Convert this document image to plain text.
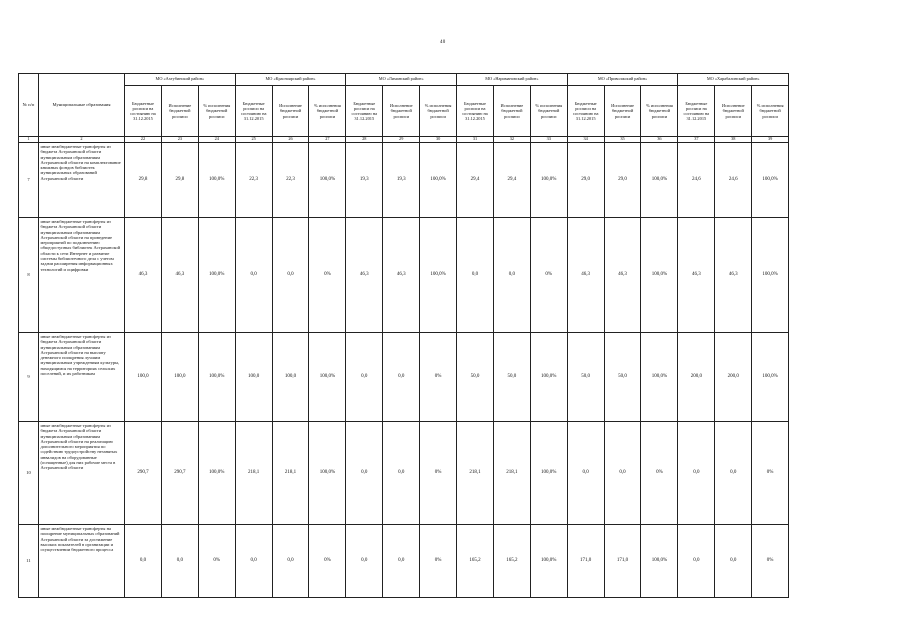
40
№ п/п	Муниципальные образования	МО «Ахтубинский район»			МО «Красноярский район»			МО «Лиманский район»			МО «Наримановский район»			МО «Приволжский район»			МО «Харабалинский район»		
		Бюджетные росписи на состоянию на 31.12.2015	Исполнение бюджетной росписи	% исполнения бюджетной росписи	Бюджетные росписи на состоянию на 31.12.2015	Исполнение бюджетной росписи	% исполнения бюджетной росписи	Бюджетные росписи на состоянию на 31.12.2015	Исполнение бюджетной росписи	% исполнения бюджетной росписи	Бюджетные росписи на состоянию на 31.12.2015	Исполнение бюджетной росписи	% исполнения бюджетной росписи	Бюджетные росписи на состоянию на 31.12.2015	Исполнение бюджетной росписи	% исполнения бюджетной росписи	Бюджетные росписи на состоянию на 31.12.2015	Исполнение бюджетной росписи	% исполнения бюджетной росписи
1	2	22	23	24	25	26	27	28	29	30	31	32	33	34	35	36	37	38	39
7	иные межбюджетные трансферты из бюджета Астраханской области муниципальным образованиям Астраханской области на комплектование книжных фондов библиотек муниципальных образований Астраханской области	29,8	29,8	100,0%	22,3	22,3	100,0%	19,3	19,3	100,0%	29,4	29,4	100,0%	29,0	29,0	100,0%	24,6	24,6	100,0%
8	иные межбюджетные трансферты из бюджета Астраханской области муниципальным образованиям Астраханской области на проведение мероприятий по подключению общедоступных библиотек Астраханской области к сети Интернет и развитие системы библиотечного дела с учетом задачи расширения информационных технологий и оцифровки	46,3	46,3	100,0%	0,0	0,0	0%	46,3	46,3	100,0%	0,0	0,0	0%	46,3	46,3	100,0%	46,3	46,3	100,0%
9	иные межбюджетные трансферты из бюджета Астраханской области муниципальным образованиям Астраханской области на выплату денежного поощрения лучшим муниципальным учреждениям культуры, находящимся на территориях сельских поселений, и их работникам	100,0	100,0	100,0%	100,0	100,0	100,0%	0,0	0,0	0%	50,0	50,0	100,0%	50,0	50,0	100,0%	200,0	200,0	100,0%
10	иные межбюджетные трансферты из бюджета Астраханской области муниципальным образованиям Астраханской области на реализацию дополнительного мероприятия по содействию трудоустройству незанятых инвалидов на оборудованные (оснащенные) для них рабочие места в Астраханской области	290,7	290,7	100,0%	218,1	218,1	100,0%	0,0	0,0	0%	218,1	218,1	100,0%	0,0	0,0	0%	0,0	0,0	0%
11	иные межбюджетные трансферты на поощрение муниципальных образований Астраханской области за достижение высоких показателей в организации и осуществлении бюджетного процесса	0,0	0,0	0%	0,0	0,0	0%	0,0	0,0	0%	165,2	165,2	100,0%	171,0	171,0	100,0%	0,0	0,0	0%
